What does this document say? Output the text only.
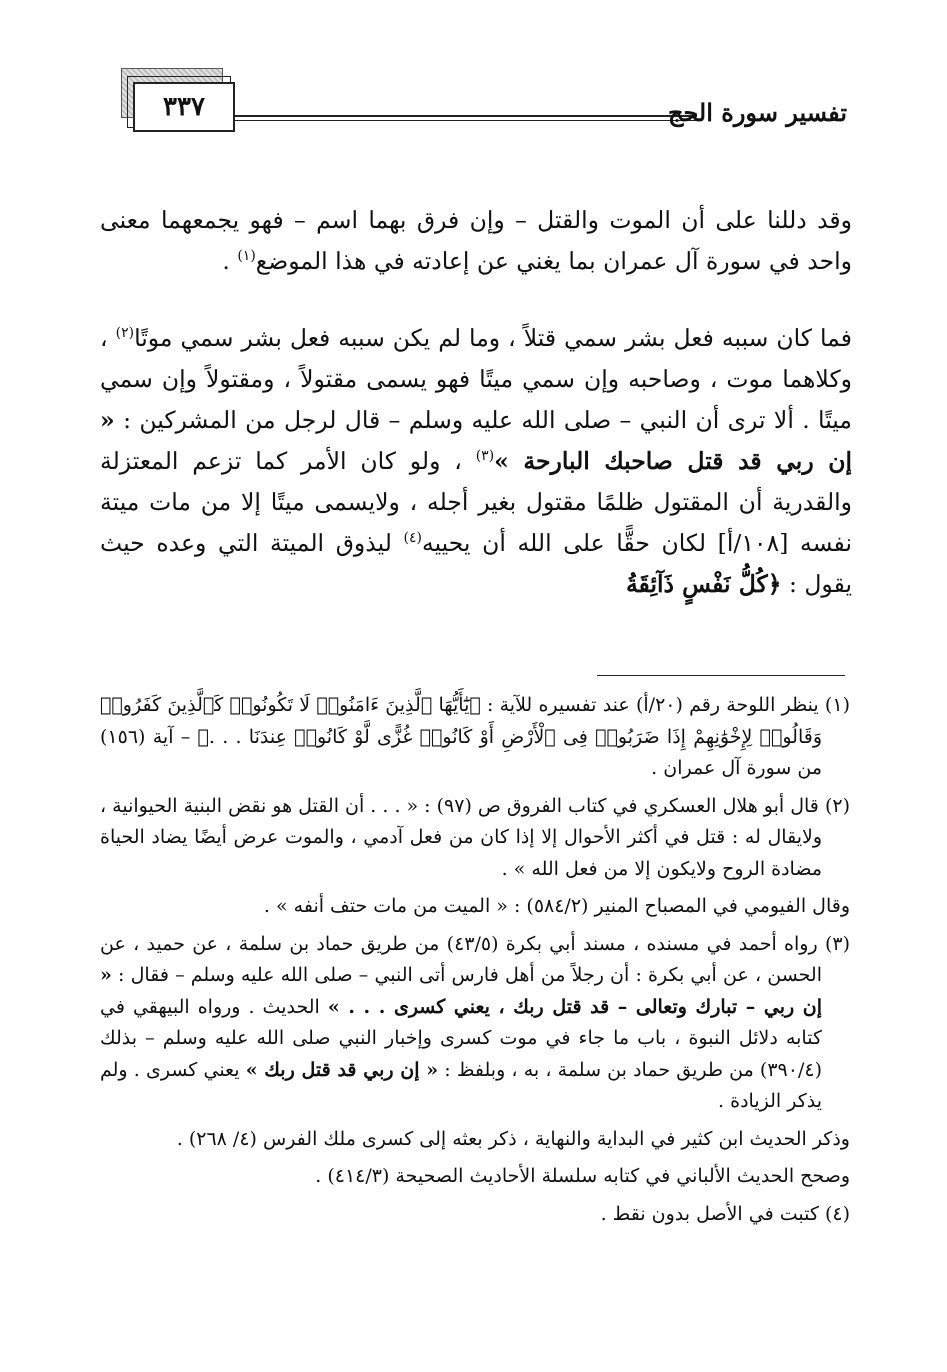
٣٣٧	تفسير سورة الحج

وقد دللنا على أن الموت والقتل – وإن فرق بهما اسم – فهو يجمعهما معنى واحد في سورة آل عمران بما يغني عن إعادته في هذا الموضع$^{(١)}$ .

فما كان سببه فعل بشر سمي قتلاً ، وما لم يكن سببه فعل بشر سمي موتًا$^{(٢)}$ ، وكلاهما موت ، وصاحبه وإن سمي ميتًا فهو يسمى مقتولاً ، ومقتولاً وإن سمي ميتًا . ألا ترى أن النبي – صلى الله عليه وسلم – قال لرجل من المشركين : « إن ربي قد قتل صاحبك البارحة »$^{(٣)}$ ، ولو كان الأمر كما تزعم المعتزلة والقدرية أن المقتول ظلمًا مقتول بغير أجله ، ولايسمى ميتًا إلا من مات ميتة نفسه [١٠٨/أ] لكان حقًّا على الله أن يحييه$^{(٤)}$ ليذوق الميتة التي وعده حيث يقول : ﴿كُلُّ نَفْسٍ ذَآئِقَةُ

(١) ينظر اللوحة رقم (٢٠/أ) عند تفسيره للآية : ﴿يَٰٓأَيُّهَا ٱلَّذِينَ ءَامَنُوا۟ لَا تَكُونُوا۟ كَٱلَّذِينَ كَفَرُوا۟ وَقَالُوا۟ لِإِخْوَٰنِهِمْ إِذَا ضَرَبُوا۟ فِى ٱلْأَرْضِ أَوْ كَانُوا۟ غُزًّى لَّوْ كَانُوا۟ عِندَنَا . . .﴾ – آية (١٥٦) من سورة آل عمران .

(٢) قال أبو هلال العسكري في كتاب الفروق ص (٩٧) : « . . . أن القتل هو نقض البنية الحيوانية ، ولايقال له : قتل في أكثر الأحوال إلا إذا كان من فعل آدمي ، والموت عرض أيضًا يضاد الحياة مضادة الروح ولايكون إلا من فعل الله » .

وقال الفيومي في المصباح المنير (٥٨٤/٢) : « الميت من مات حتف أنفه » .

(٣) رواه أحمد في مسنده ، مسند أبي بكرة (٤٣/٥) من طريق حماد بن سلمة ، عن حميد ، عن الحسن ، عن أبي بكرة : أن رجلاً من أهل فارس أتى النبي – صلى الله عليه وسلم – فقال : « إن ربي – تبارك وتعالى – قد قتل ربك ، يعني كسرى . . . » الحديث . ورواه البيهقي في كتابه دلائل النبوة ، باب ما جاء في موت كسرى وإخبار النبي صلى الله عليه وسلم – بذلك (٣٩٠/٤) من طريق حماد بن سلمة ، به ، وبلفظ : « إن ربي قد قتل ربك » يعني كسرى . ولم يذكر الزيادة .

وذكر الحديث ابن كثير في البداية والنهاية ، ذكر بعثه إلى كسرى ملك الفرس (٤/ ٢٦٨) .

وصحح الحديث الألباني في كتابه سلسلة الأحاديث الصحيحة (٤١٤/٣) .

(٤) كتبت في الأصل بدون نقط .
